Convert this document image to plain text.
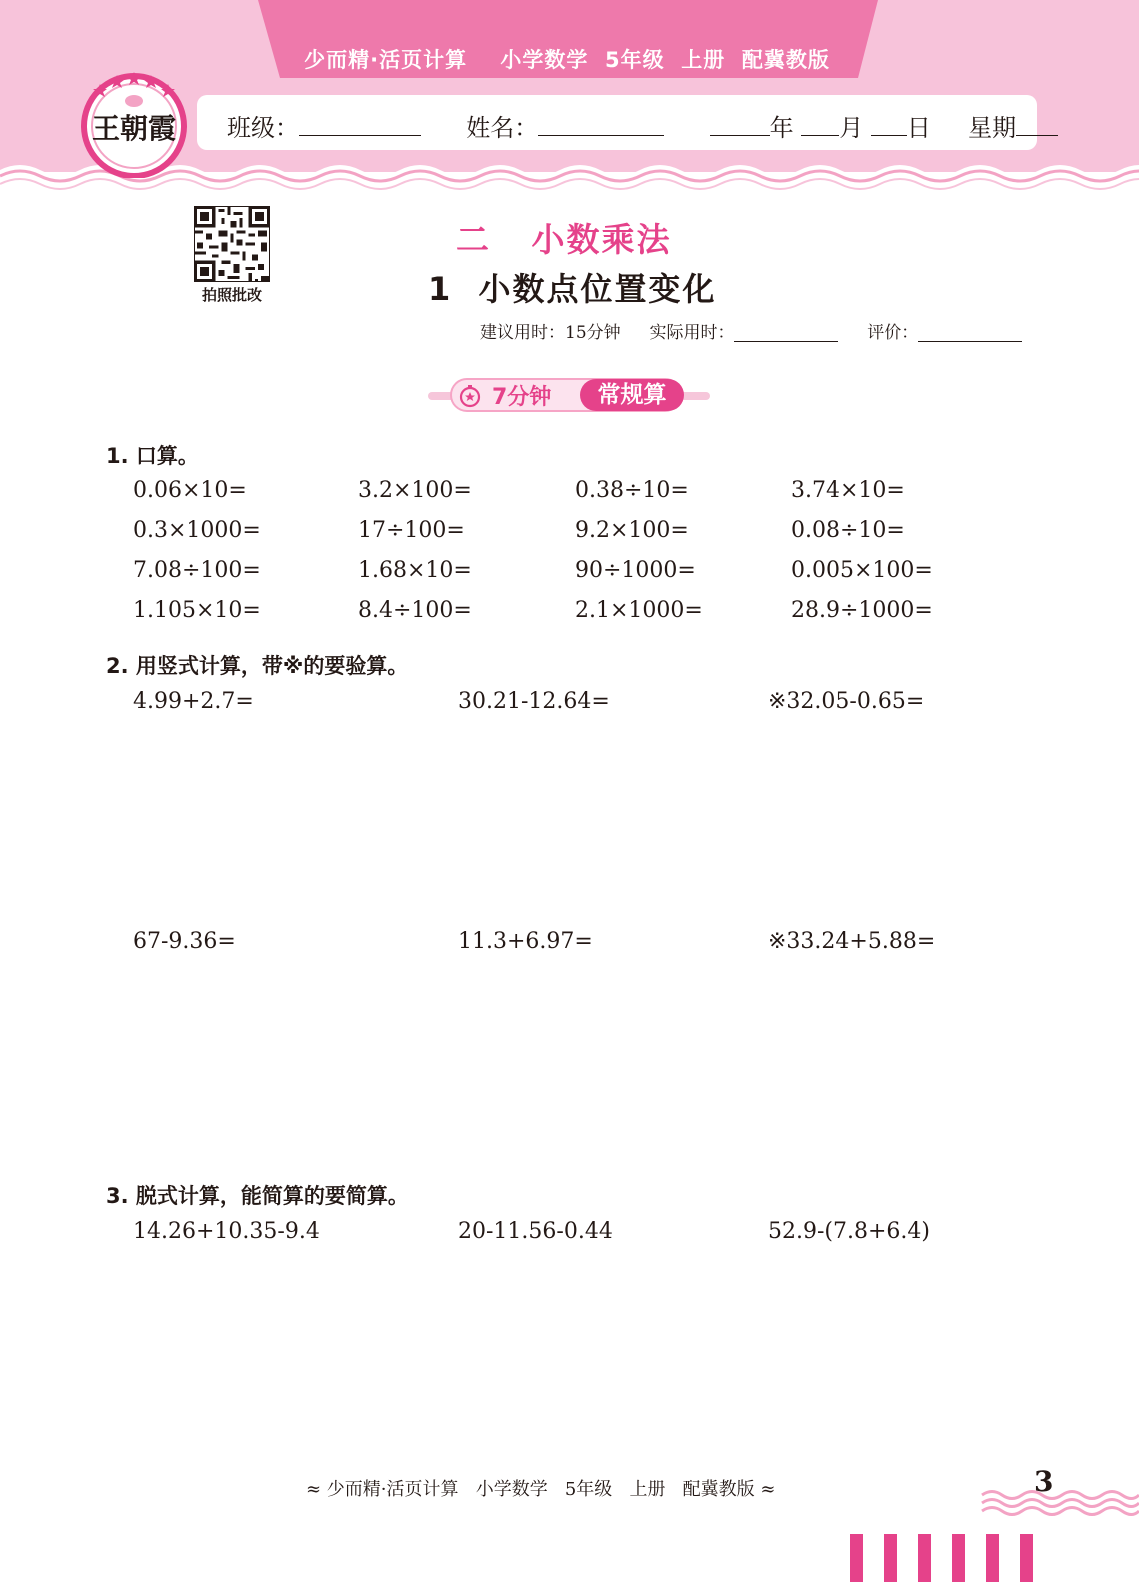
少而精·活页计算    小学数学  5年级  上册  配冀教版
王朝霞 班级：	姓名：	年 月 日 星期
拍照批改
二   小数乘法
1  小数点位置变化
建议用时：15分钟 实际用时：	评价：
7分钟	常规算
1. 口算。
0.06×10=	3.2×100=	0.38÷10=	3.74×10=
0.3×1000=	17÷100=	9.2×100=	0.08÷10=
7.08÷100=	1.68×10=	90÷1000=	0.005×100=
1.105×10=	8.4÷100=	2.1×1000=	28.9÷1000=
2. 用竖式计算，带※的要验算。
4.99+2.7=	30.21-12.64=	※32.05-0.65=
67-9.36=	11.3+6.97=	※33.24+5.88=
3. 脱式计算，能简算的要简算。
14.26+10.35-9.4	20-11.56-0.44	52.9-(7.8+6.4)
≈ 少而精·活页计算   小学数学   5年级   上册   配冀教版 ≈	3
